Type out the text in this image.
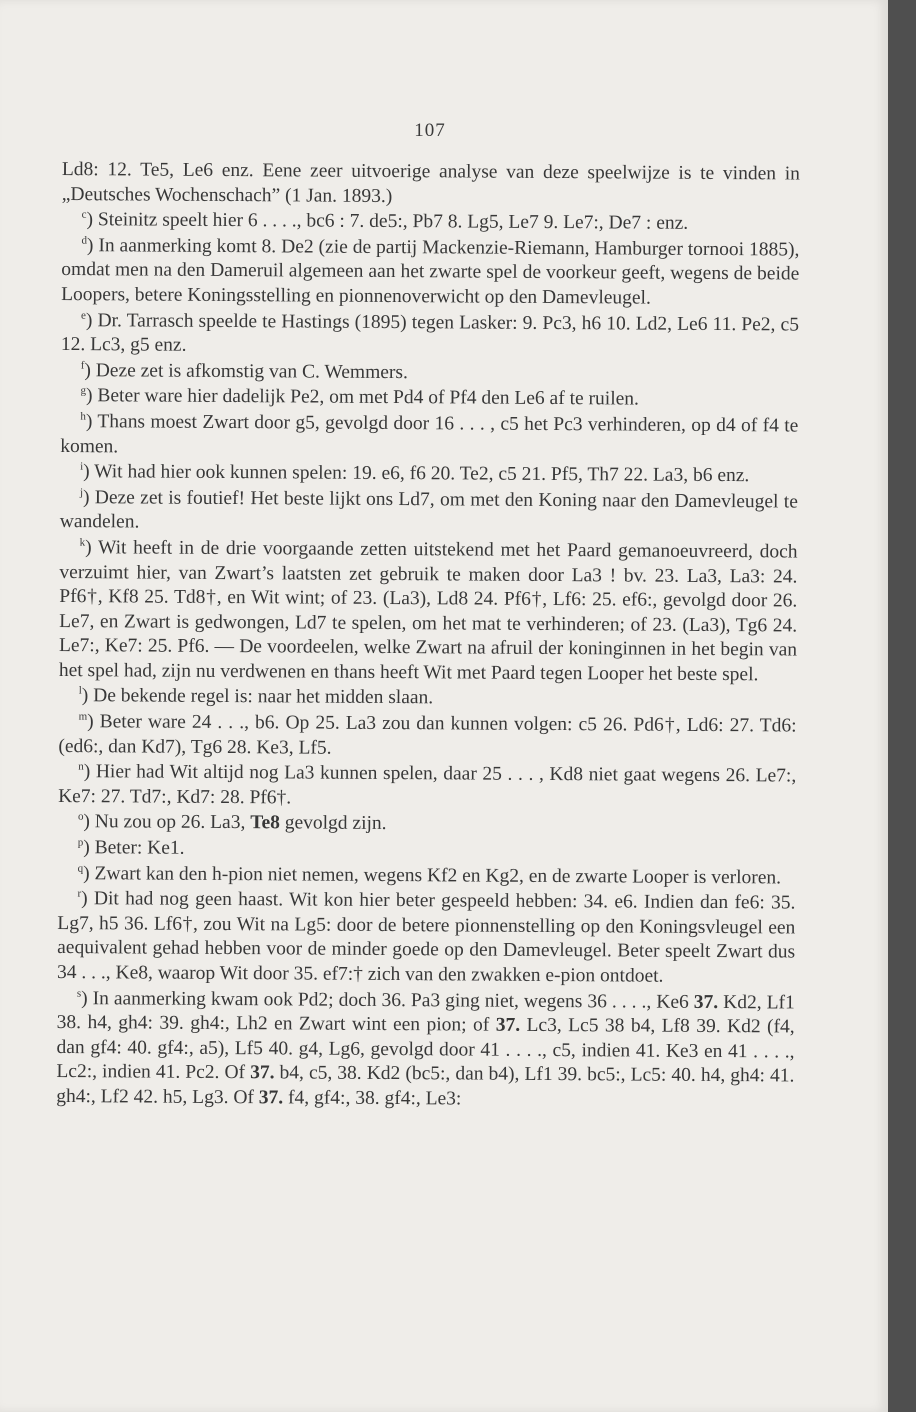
107

Ld8: 12. Te5, Le6 enz. Eene zeer uitvoerige analyse van deze speelwijze is te vinden in „Deutsches Wochenschach” (1 Jan. 1893.)

$^c$) Steinitz speelt hier 6 . . . ., bc6 : 7. de5:, Pb7 8. Lg5, Le7 9. Le7:, De7 : enz.

$^d$) In aanmerking komt 8. De2 (zie de partij Mackenzie-Riemann, Hamburger tornooi 1885), omdat men na den Dameruil algemeen aan het zwarte spel de voorkeur geeft, wegens de beide Loopers, betere Koningsstelling en pionnenoverwicht op den Damevleugel.

$^e$) Dr. Tarrasch speelde te Hastings (1895) tegen Lasker: 9. Pc3, h6 10. Ld2, Le6 11. Pe2, c5 12. Lc3, g5 enz.

$^f$) Deze zet is afkomstig van C. Wemmers.

$^g$) Beter ware hier dadelijk Pe2, om met Pd4 of Pf4 den Le6 af te ruilen.

$^h$) Thans moest Zwart door g5, gevolgd door 16 . . . , c5 het Pc3 verhinderen, op d4 of f4 te komen.

$^i$) Wit had hier ook kunnen spelen: 19. e6, f6 20. Te2, c5 21. Pf5, Th7 22. La3, b6 enz.

$^j$) Deze zet is foutief! Het beste lijkt ons Ld7, om met den Koning naar den Damevleugel te wandelen.

$^k$) Wit heeft in de drie voorgaande zetten uitstekend met het Paard gemanoeuvreerd, doch verzuimt hier, van Zwart’s laatsten zet gebruik te maken door La3 ! bv. 23. La3, La3: 24. Pf6†, Kf8 25. Td8†, en Wit wint; of 23. (La3), Ld8 24. Pf6†, Lf6: 25. ef6:, gevolgd door 26. Le7, en Zwart is gedwongen, Ld7 te spelen, om het mat te verhinderen; of 23. (La3), Tg6 24. Le7:, Ke7: 25. Pf6. — De voordeelen, welke Zwart na afruil der koninginnen in het begin van het spel had, zijn nu verdwenen en thans heeft Wit met Paard tegen Looper het beste spel.

$^l$) De bekende regel is: naar het midden slaan.

$^m$) Beter ware 24 . . ., b6. Op 25. La3 zou dan kunnen volgen: c5 26. Pd6†, Ld6: 27. Td6: (ed6:, dan Kd7), Tg6 28. Ke3, Lf5.

$^n$) Hier had Wit altijd nog La3 kunnen spelen, daar 25 . . . , Kd8 niet gaat wegens 26. Le7:, Ke7: 27. Td7:, Kd7: 28. Pf6†.

$^o$) Nu zou op 26. La3, Te8 gevolgd zijn.

$^p$) Beter: Ke1.

$^q$) Zwart kan den h-pion niet nemen, wegens Kf2 en Kg2, en de zwarte Looper is verloren.

$^r$) Dit had nog geen haast. Wit kon hier beter gespeeld hebben: 34. e6. Indien dan fe6: 35. Lg7, h5 36. Lf6†, zou Wit na Lg5: door de betere pionnenstelling op den Koningsvleugel een aequivalent gehad hebben voor de minder goede op den Damevleugel. Beter speelt Zwart dus 34 . . ., Ke8, waarop Wit door 35. ef7:† zich van den zwakken e-pion ontdoet.

$^s$) In aanmerking kwam ook Pd2; doch 36. Pa3 ging niet, wegens 36 . . . ., Ke6 37. Kd2, Lf1 38. h4, gh4: 39. gh4:, Lh2 en Zwart wint een pion; of 37. Lc3, Lc5 38 b4, Lf8 39. Kd2 (f4, dan gf4: 40. gf4:, a5), Lf5 40. g4, Lg6, gevolgd door 41 . . . ., c5, indien 41. Ke3 en 41 . . . ., Lc2:, indien 41. Pc2. Of 37. b4, c5, 38. Kd2 (bc5:, dan b4), Lf1 39. bc5:, Lc5: 40. h4, gh4: 41. gh4:, Lf2 42. h5, Lg3. Of 37. f4, gf4:, 38. gf4:, Le3:
